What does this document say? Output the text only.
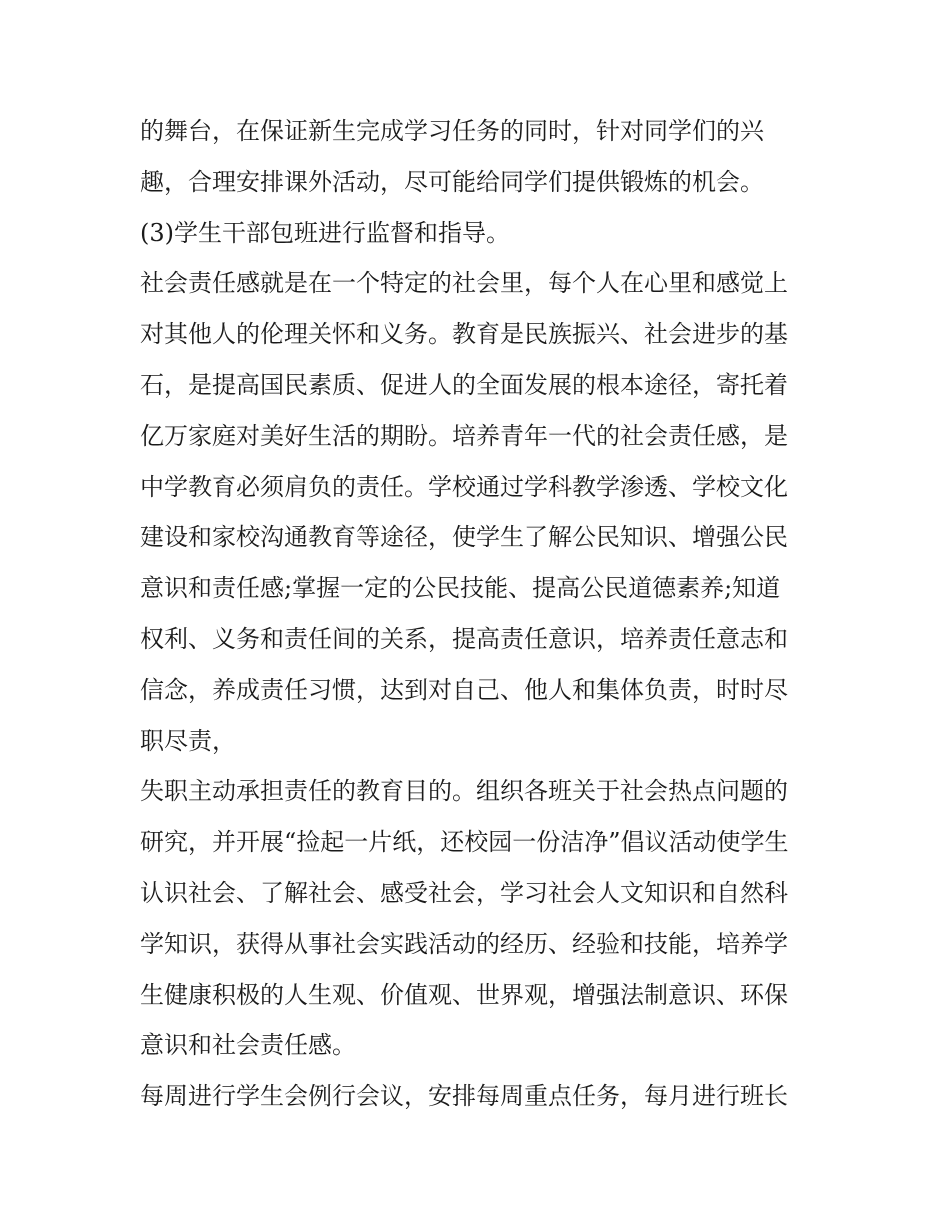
的舞台，在保证新生完成学习任务的同时，针对同学们的兴
趣，合理安排课外活动，尽可能给同学们提供锻炼的机会。
(3)学生干部包班进行监督和指导。
社会责任感就是在一个特定的社会里，每个人在心里和感觉上
对其他人的伦理关怀和义务。教育是民族振兴、社会进步的基
石，是提高国民素质、促进人的全面发展的根本途径，寄托着
亿万家庭对美好生活的期盼。培养青年一代的社会责任感，是
中学教育必须肩负的责任。学校通过学科教学渗透、学校文化
建设和家校沟通教育等途径，使学生了解公民知识、增强公民
意识和责任感;掌握一定的公民技能、提高公民道德素养;知道
权利、义务和责任间的关系，提高责任意识，培养责任意志和
信念，养成责任习惯，达到对自己、他人和集体负责，时时尽
职尽责，
失职主动承担责任的教育目的。组织各班关于社会热点问题的
研究，并开展“捡起一片纸，还校园一份洁净”倡议活动使学生
认识社会、了解社会、感受社会，学习社会人文知识和自然科
学知识，获得从事社会实践活动的经历、经验和技能，培养学
生健康积极的人生观、价值观、世界观，增强法制意识、环保
意识和社会责任感。
每周进行学生会例行会议，安排每周重点任务，每月进行班长
